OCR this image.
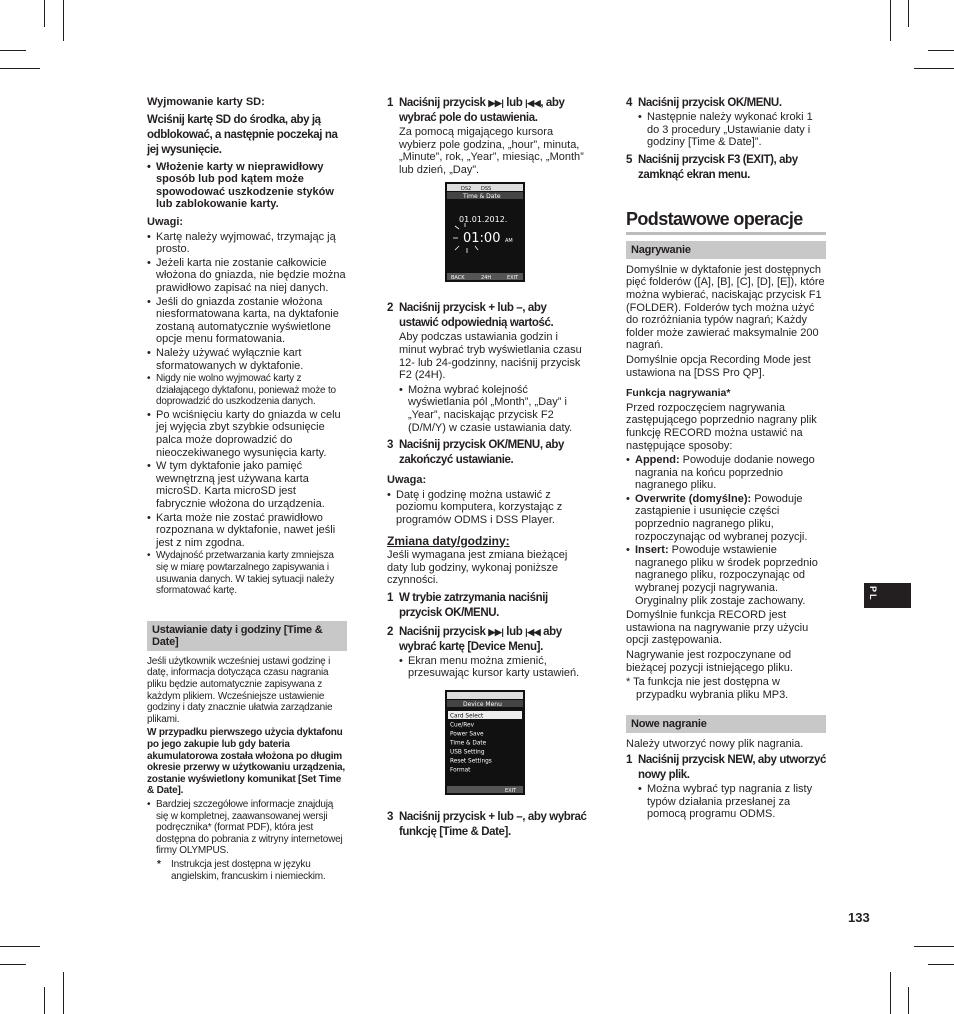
Wyjmowanie karty SD:

Wciśnij kartę SD do środka, aby ją odblokować, a następnie poczekaj na jej wysunięcie.

• Włożenie karty w nieprawidłowy sposób lub pod kątem może spowodować uszkodzenie styków lub zablokowanie karty.

Uwagi:

• Kartę należy wyjmować, trzymając ją prosto.
• Jeżeli karta nie zostanie całkowicie włożona do gniazda, nie będzie można prawidłowo zapisać na niej danych.
• Jeśli do gniazda zostanie włożona niesformatowana karta, na dyktafonie zostaną automatycznie wyświetlone opcje menu formatowania.
• Należy używać wyłącznie kart sformatowanych w dyktafonie.
• Nigdy nie wolno wyjmować karty z działającego dyktafonu, ponieważ może to doprowadzić do uszkodzenia danych.
• Po wciśnięciu karty do gniazda w celu jej wyjęcia zbyt szybkie odsunięcie palca może doprowadzić do nieoczekiwanego wysunięcia karty.
• W tym dyktafonie jako pamięć wewnętrzną jest używana karta microSD. Karta microSD jest fabrycznie włożona do urządzenia.
• Karta może nie zostać prawidłowo rozpoznana w dyktafonie, nawet jeśli jest z nim zgodna.
• Wydajność przetwarzania karty zmniejsza się w miarę powtarzalnego zapisywania i usuwania danych. W takiej sytuacji należy sformatować kartę.
Ustawianie daty i godziny [Time & Date]

Jeśli użytkownik wcześniej ustawi godzinę i datę, informacja dotycząca czasu nagrania pliku będzie automatycznie zapisywana z każdym plikiem. Wcześniejsze ustawienie godziny i daty znacznie ułatwia zarządzanie plikami.

W przypadku pierwszego użycia dyktafonu po jego zakupie lub gdy bateria akumulatorowa została włożona po długim okresie przerwy w użytkowaniu urządzenia, zostanie wyświetlony komunikat [Set Time & Date].

• Bardziej szczegółowe informacje znajdują się w kompletnej, zaawansowanej wersji podręcznika* (format PDF), która jest dostępna do pobrania z witryny internetowej firmy OLYMPUS.
* Instrukcja jest dostępna w języku angielskim, francuskim i niemieckim.
1 Naciśnij przycisk ▶▶| lub |◀◀, aby wybrać pole do ustawienia.

Za pomocą migającego kursora wybierz pole godzina, „hour”, minuta, „Minute”, rok, „Year”, miesiąc, „Month” lub dzień, „Day”.

DS2 DSS
Time & Date
01.01.2012.
01:00 AM
BACK	24H	EXIT
2 Naciśnij przycisk + lub –, aby ustawić odpowiednią wartość.

Aby podczas ustawiania godzin i minut wybrać tryb wyświetlania czasu 12- lub 24-godzinny, naciśnij przycisk F2 (24H).

• Można wybrać kolejność wyświetlania pól „Month”, „Day” i „Year”, naciskając przycisk F2 (D/M/Y) w czasie ustawiania daty.
3 Naciśnij przycisk OK/MENU, aby zakończyć ustawianie.

Uwaga:

• Datę i godzinę można ustawić z poziomu komputera, korzystając z programów ODMS i DSS Player.

Zmiana daty/godziny:

Jeśli wymagana jest zmiana bieżącej daty lub godziny, wykonaj poniższe czynności.

1 W trybie zatrzymania naciśnij przycisk OK/MENU.
2 Naciśnij przycisk ▶▶| lub |◀◀ aby wybrać kartę [Device Menu].
• Ekran menu można zmienić, przesuwając kursor karty ustawień.
Device Menu
Card Select
Cue/Rev
Power Save
Time & Date
USB Setting
Reset Settings
Format
EXIT
3 Naciśnij przycisk + lub –, aby wybrać funkcję [Time & Date].
4 Naciśnij przycisk OK/MENU.
• Następnie należy wykonać kroki 1 do 3 procedury „Ustawianie daty i godziny [Time & Date]”.
5 Naciśnij przycisk F3 (EXIT), aby zamknąć ekran menu.
Podstawowe operacje
Nagrywanie

Domyślnie w dyktafonie jest dostępnych pięć folderów ([A], [B], [C], [D], [E]), które można wybierać, naciskając przycisk F1 (FOLDER). Folderów tych można użyć do rozróżniania typów nagrań; Każdy folder może zawierać maksymalnie 200 nagrań.

Domyślnie opcja Recording Mode jest ustawiona na [DSS Pro QP].

Funkcja nagrywania*

Przed rozpoczęciem nagrywania zastępującego poprzednio nagrany plik funkcję RECORD można ustawić na następujące sposoby:

• Append: Powoduje dodanie nowego nagrania na końcu poprzednio nagranego pliku.
• Overwrite (domyślne): Powoduje zastąpienie i usunięcie części poprzednio nagranego pliku, rozpoczynając od wybranej pozycji.
• Insert: Powoduje wstawienie nagranego pliku w środek poprzednio nagranego pliku, rozpoczynając od wybranej pozycji nagrywania. Oryginalny plik zostaje zachowany.

Domyślnie funkcja RECORD jest ustawiona na nagrywanie przy użyciu opcji zastępowania.

Nagrywanie jest rozpoczynane od bieżącej pozycji istniejącego pliku.

* Ta funkcja nie jest dostępna w przypadku wybrania pliku MP3.

Nowe nagranie

Należy utworzyć nowy plik nagrania.

1 Naciśnij przycisk NEW, aby utworzyć nowy plik.
• Można wybrać typ nagrania z listy typów działania przesłanej za pomocą programu ODMS.
PL
133
